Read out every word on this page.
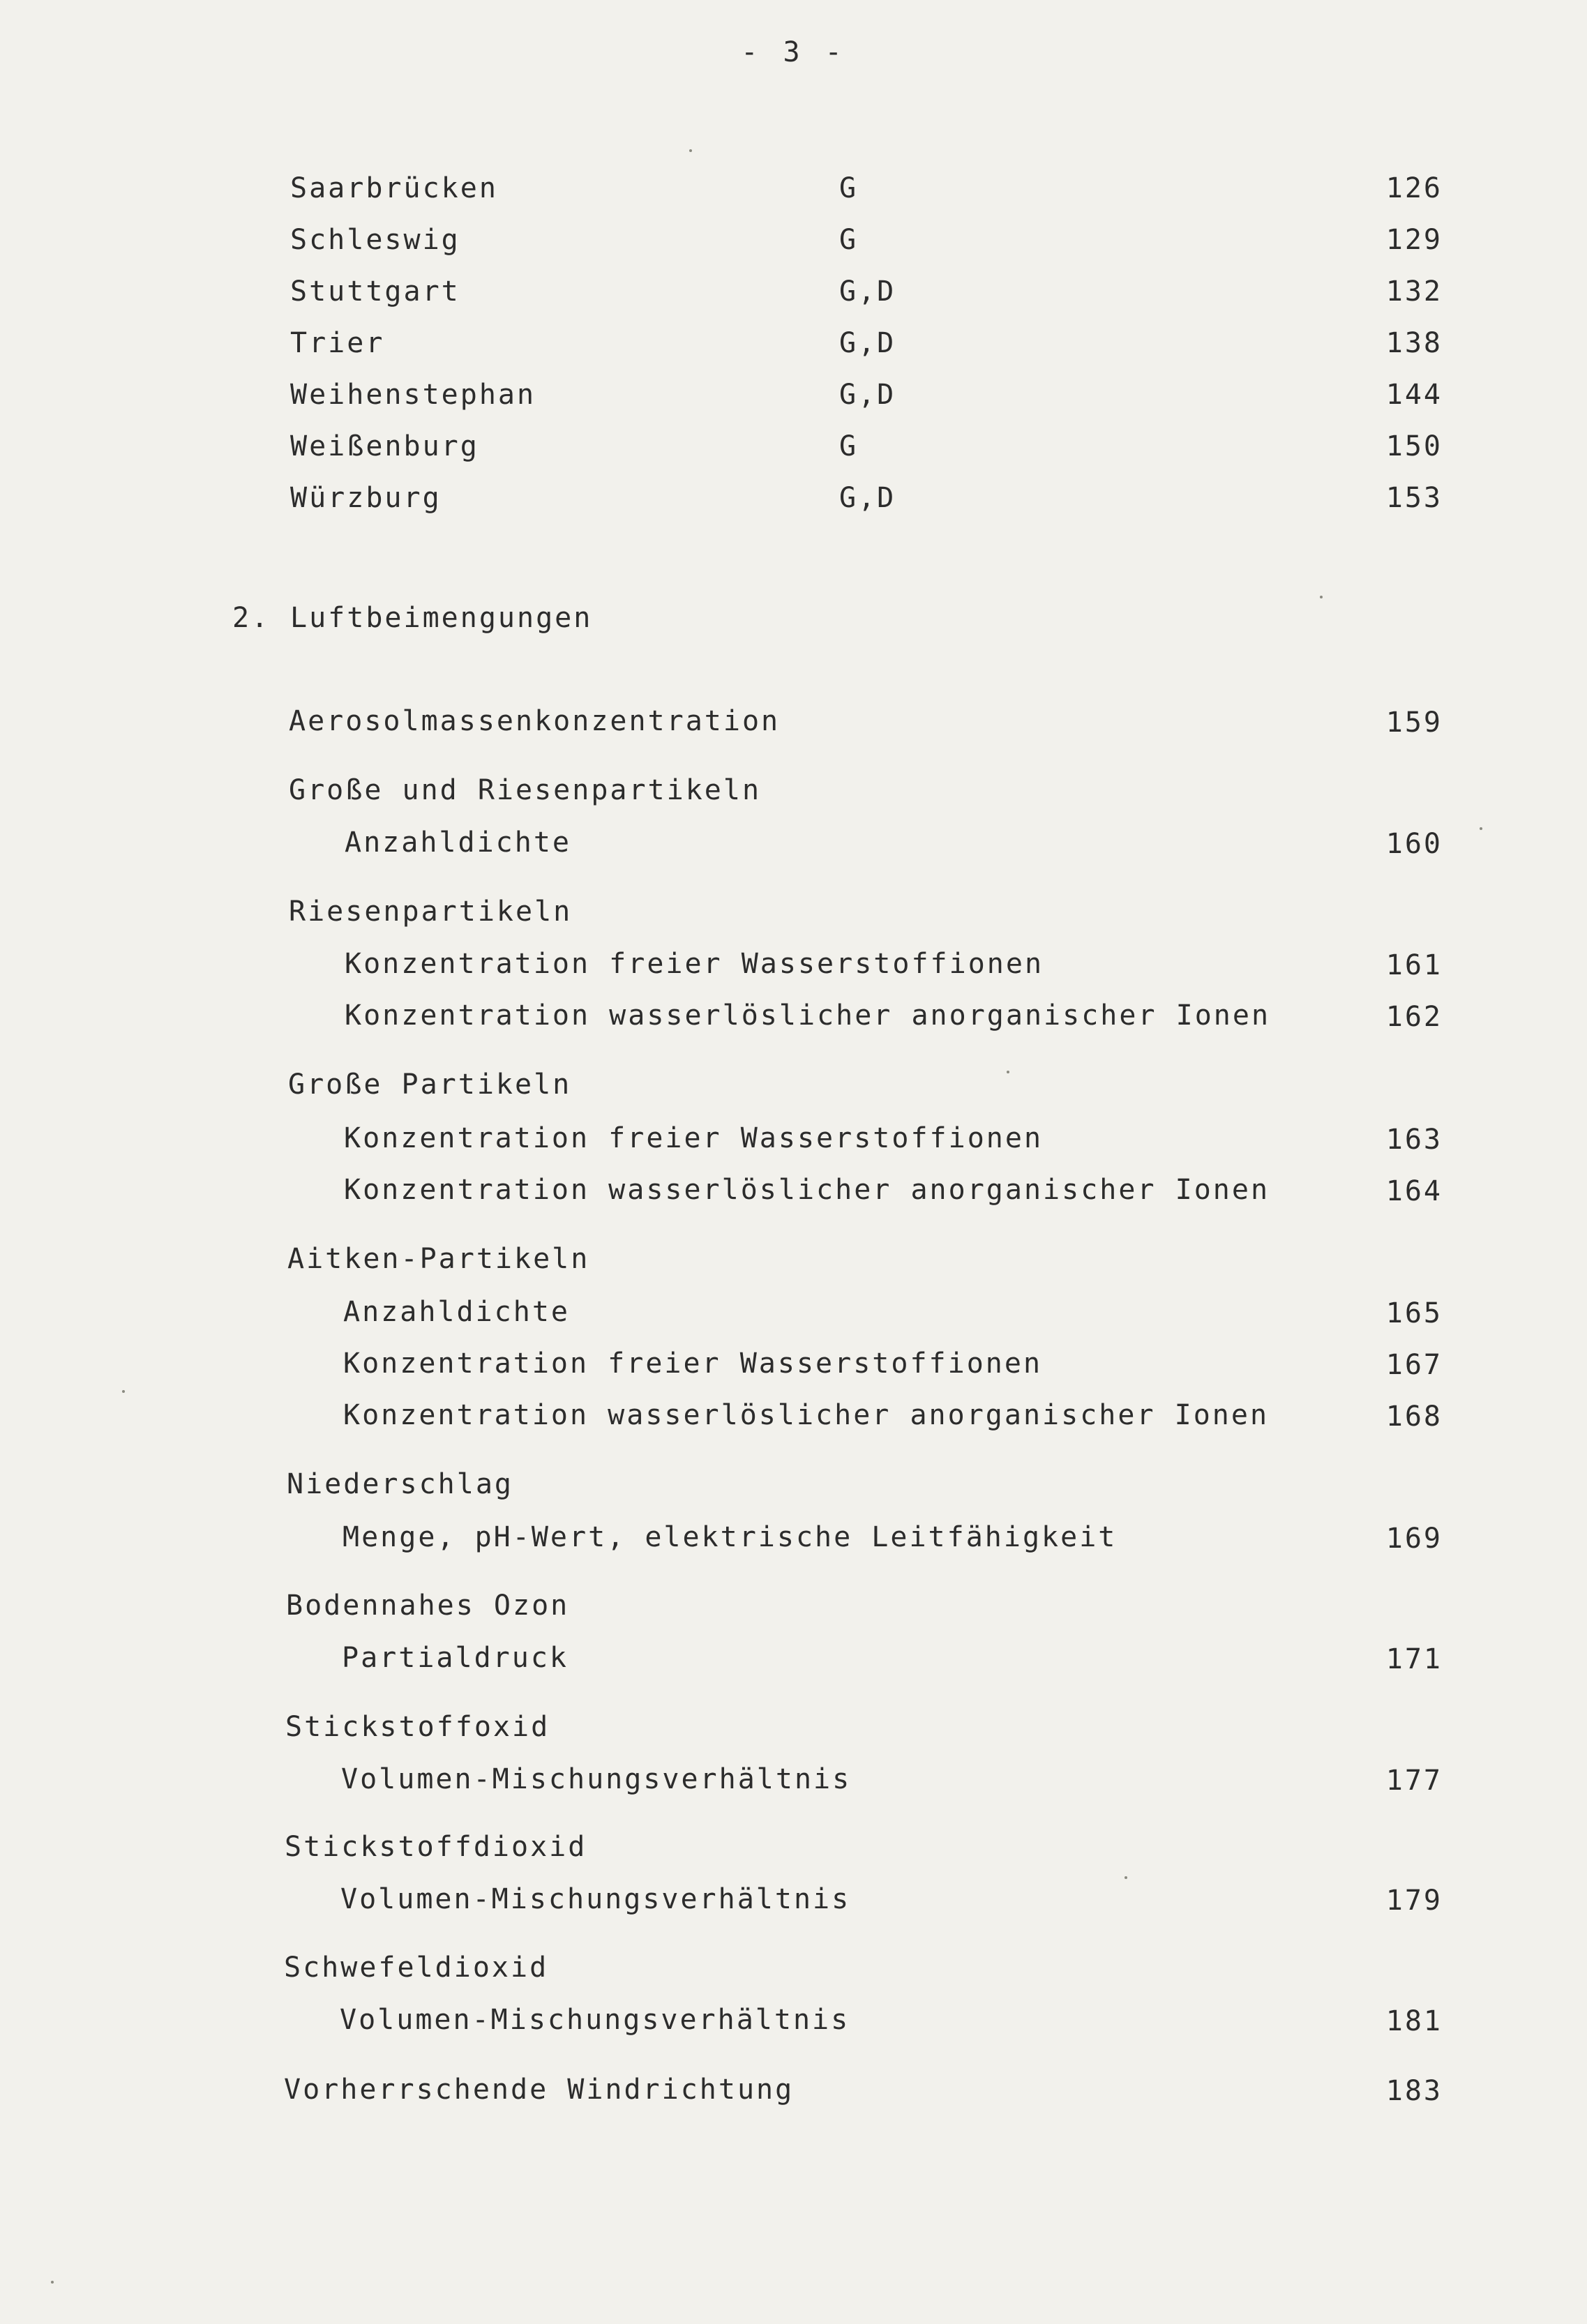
- 3 -
Saarbrücken	G	126
Schleswig	G	129
Stuttgart	G,D	132
Trier	G,D	138
Weihenstephan	G,D	144
Weißenburg	G	150
Würzburg	G,D	153
2. Luftbeimengungen
Aerosolmassenkonzentration	159
Große und Riesenpartikeln
Anzahldichte	160
Riesenpartikeln
Konzentration freier Wasserstoffionen	161
Konzentration wasserlöslicher anorganischer Ionen	162
Große Partikeln
Konzentration freier Wasserstoffionen	163
Konzentration wasserlöslicher anorganischer Ionen	164
Aitken-Partikeln
Anzahldichte	165
Konzentration freier Wasserstoffionen	167
Konzentration wasserlöslicher anorganischer Ionen	168
Niederschlag
Menge, pH-Wert, elektrische Leitfähigkeit	169
Bodennahes Ozon
Partialdruck	171
Stickstoffoxid
Volumen-Mischungsverhältnis	177
Stickstoffdioxid
Volumen-Mischungsverhältnis	179
Schwefeldioxid
Volumen-Mischungsverhältnis	181
Vorherrschende Windrichtung	183
